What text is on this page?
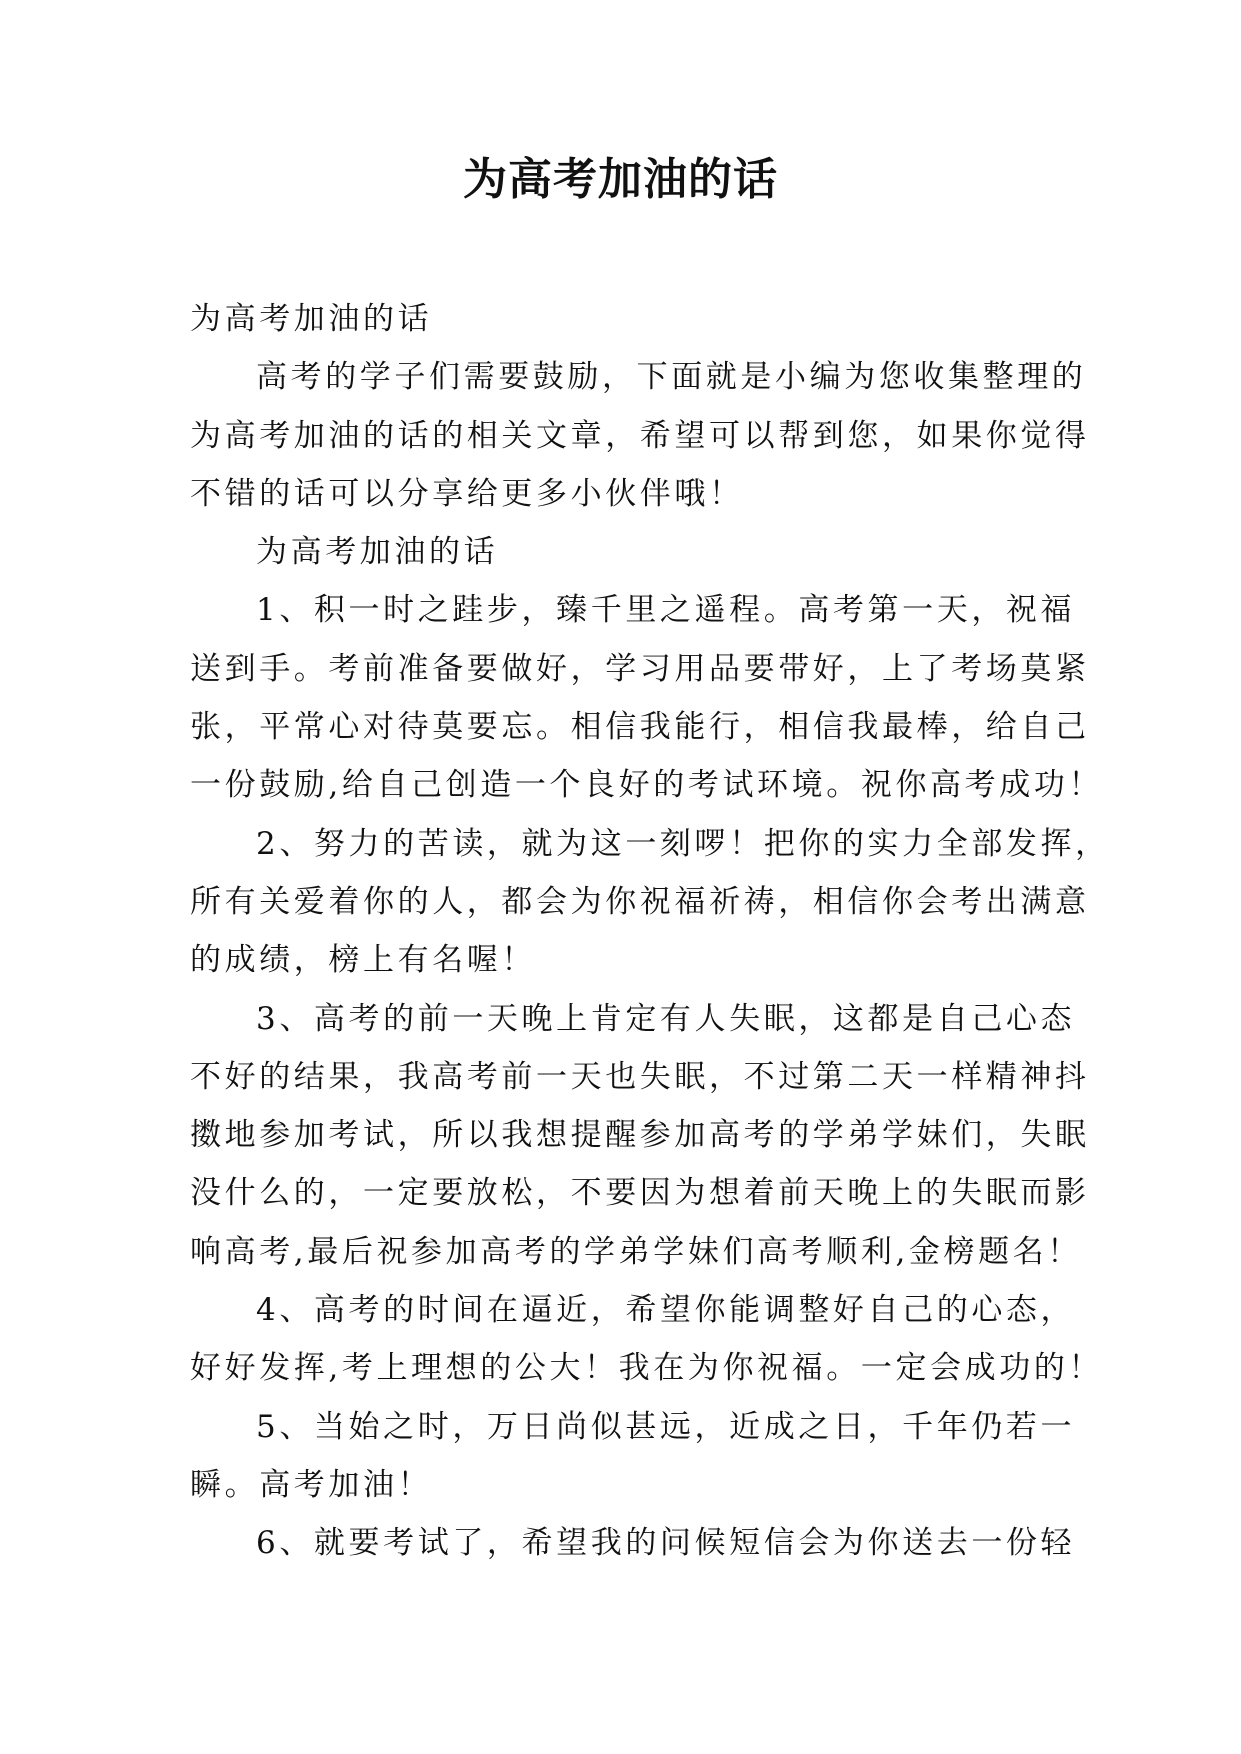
为高考加油的话
为高考加油的话
高考的学子们需要鼓励，下面就是小编为您收集整理的
为高考加油的话的相关文章，希望可以帮到您，如果你觉得
不错的话可以分享给更多小伙伴哦！
为高考加油的话
1、积一时之跬步，臻千里之遥程。高考第一天，祝福
送到手。考前准备要做好，学习用品要带好，上了考场莫紧
张，平常心对待莫要忘。相信我能行，相信我最棒，给自己
一份鼓励,给自己创造一个良好的考试环境。祝你高考成功！
2、努力的苦读，就为这一刻啰！把你的实力全部发挥，
所有关爱着你的人，都会为你祝福祈祷，相信你会考出满意
的成绩，榜上有名喔！
3、高考的前一天晚上肯定有人失眠，这都是自己心态
不好的结果，我高考前一天也失眠，不过第二天一样精神抖
擞地参加考试，所以我想提醒参加高考的学弟学妹们，失眠
没什么的，一定要放松，不要因为想着前天晚上的失眠而影
响高考,最后祝参加高考的学弟学妹们高考顺利,金榜题名！
4、高考的时间在逼近，希望你能调整好自己的心态，
好好发挥,考上理想的公大！我在为你祝福。一定会成功的！
5、当始之时，万日尚似甚远，近成之日，千年仍若一
瞬。高考加油！
6、就要考试了，希望我的问候短信会为你送去一份轻
